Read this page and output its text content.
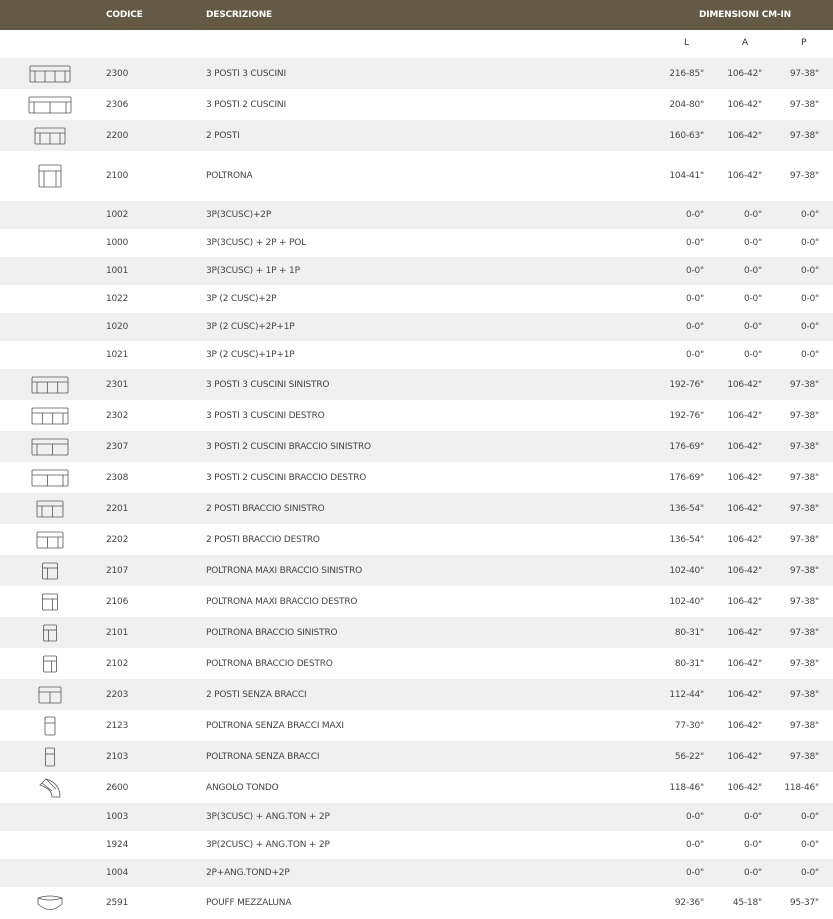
CODICE	DESCRIZIONE	DIMENSIONI CM-IN
L	A	P
2300	3 POSTI 3 CUSCINI	216-85"	106-42"	97-38"
2306	3 POSTI 2 CUSCINI	204-80"	106-42"	97-38"
2200	2 POSTI	160-63"	106-42"	97-38"
2100	POLTRONA	104-41"	106-42"	97-38"
1002	3P(3CUSC)+2P	0-0"	0-0"	0-0"
1000	3P(3CUSC) + 2P + POL	0-0"	0-0"	0-0"
1001	3P(3CUSC) + 1P + 1P	0-0"	0-0"	0-0"
1022	3P (2 CUSC)+2P	0-0"	0-0"	0-0"
1020	3P (2 CUSC)+2P+1P	0-0"	0-0"	0-0"
1021	3P (2 CUSC)+1P+1P	0-0"	0-0"	0-0"
2301	3 POSTI 3 CUSCINI SINISTRO	192-76"	106-42"	97-38"
2302	3 POSTI 3 CUSCINI DESTRO	192-76"	106-42"	97-38"
2307	3 POSTI 2 CUSCINI BRACCIO SINISTRO	176-69"	106-42"	97-38"
2308	3 POSTI 2 CUSCINI BRACCIO DESTRO	176-69"	106-42"	97-38"
2201	2 POSTI BRACCIO SINISTRO	136-54"	106-42"	97-38"
2202	2 POSTI BRACCIO DESTRO	136-54"	106-42"	97-38"
2107	POLTRONA MAXI BRACCIO SINISTRO	102-40"	106-42"	97-38"
2106	POLTRONA MAXI BRACCIO DESTRO	102-40"	106-42"	97-38"
2101	POLTRONA BRACCIO SINISTRO	80-31"	106-42"	97-38"
2102	POLTRONA BRACCIO DESTRO	80-31"	106-42"	97-38"
2203	2 POSTI SENZA BRACCI	112-44"	106-42"	97-38"
2123	POLTRONA SENZA BRACCI MAXI	77-30"	106-42"	97-38"
2103	POLTRONA SENZA BRACCI	56-22"	106-42"	97-38"
2600	ANGOLO TONDO	118-46"	106-42" 118-46"
1003	3P(3CUSC) + ANG.TON + 2P	0-0"	0-0"	0-0"
1924	3P(2CUSC) + ANG.TON + 2P	0-0"	0-0"	0-0"
1004	2P+ANG.TOND+2P	0-0"	0-0"	0-0"
2591	POUFF MEZZALUNA	92-36"	45-18"	95-37"
